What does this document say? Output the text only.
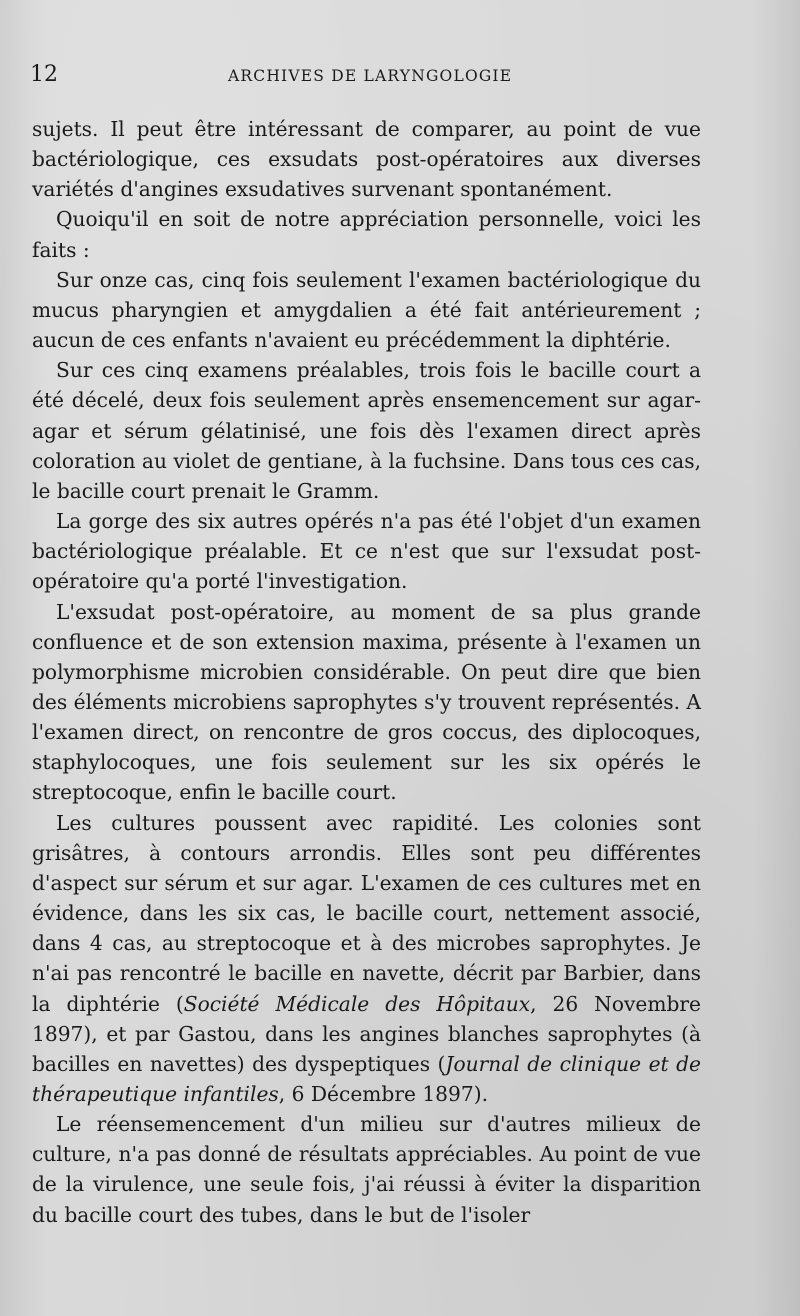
12	ARCHIVES DE LARYNGOLOGIE

sujets. Il peut être intéressant de comparer, au point de vue bactériologique, ces exsudats post-opératoires aux diverses variétés d'angines exsudatives survenant spontanément.

Quoiqu'il en soit de notre appréciation personnelle, voici les faits :

Sur onze cas, cinq fois seulement l'examen bactériologique du mucus pharyngien et amygdalien a été fait antérieurement ; aucun de ces enfants n'avaient eu précédemment la diphtérie.

Sur ces cinq examens préalables, trois fois le bacille court a été décelé, deux fois seulement après ensemencement sur agar-agar et sérum gélatinisé, une fois dès l'examen direct après coloration au violet de gentiane, à la fuchsine. Dans tous ces cas, le bacille court prenait le Gramm.

La gorge des six autres opérés n'a pas été l'objet d'un examen bactériologique préalable. Et ce n'est que sur l'exsudat post-opératoire qu'a porté l'investigation.

L'exsudat post-opératoire, au moment de sa plus grande confluence et de son extension maxima, présente à l'examen un polymorphisme microbien considérable. On peut dire que bien des éléments microbiens saprophytes s'y trouvent représentés. A l'examen direct, on rencontre de gros coccus, des diplocoques, staphylocoques, une fois seulement sur les six opérés le streptocoque, enfin le bacille court.

Les cultures poussent avec rapidité. Les colonies sont grisâtres, à contours arrondis. Elles sont peu différentes d'aspect sur sérum et sur agar. L'examen de ces cultures met en évidence, dans les six cas, le bacille court, nettement associé, dans 4 cas, au streptocoque et à des microbes saprophytes. Je n'ai pas rencontré le bacille en navette, décrit par Barbier, dans la diphtérie (Société Médicale des Hôpitaux, 26 Novembre 1897), et par Gastou, dans les angines blanches saprophytes (à bacilles en navettes) des dyspeptiques (Journal de clinique et de thérapeutique infantiles, 6 Décembre 1897).

Le réensemencement d'un milieu sur d'autres milieux de culture, n'a pas donné de résultats appréciables. Au point de vue de la virulence, une seule fois, j'ai réussi à éviter la disparition du bacille court des tubes, dans le but de l'isoler
